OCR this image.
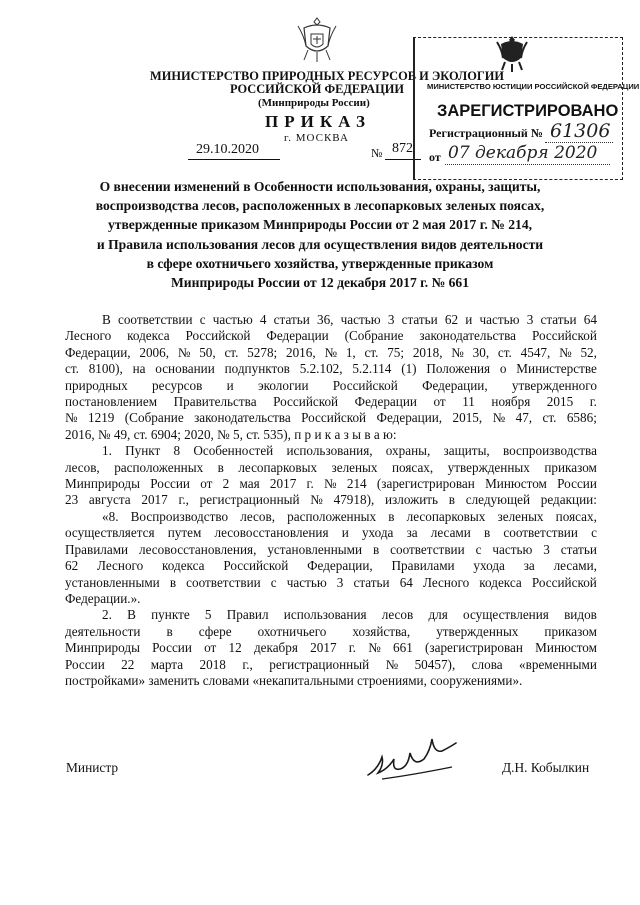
МИНИСТЕРСТВО ПРИРОДНЫХ РЕСУРСОВ И ЭКОЛОГИИ
РОССИЙСКОЙ ФЕДЕРАЦИИ
(Минприроды России)
ПРИКАЗ
г. МОСКВА
29.10.2020	№ 872
МИНИСТЕРСТВО ЮСТИЦИИ РОССИЙСКОЙ ФЕДЕРАЦИИ
ЗАРЕГИСТРИРОВАНО
Регистрационный № 61306
от 07 декабря 2020
О внесении изменений в Особенности использования, охраны, защиты,
воспроизводства лесов, расположенных в лесопарковых зеленых поясах,
утвержденные приказом Минприроды России от 2 мая 2017 г. № 214,
и Правила использования лесов для осуществления видов деятельности
в сфере охотничьего хозяйства, утвержденные приказом
Минприроды России от 12 декабря 2017 г. № 661
В соответствии с частью 4 статьи 36, частью 3 статьи 62 и частью 3 статьи 64
Лесного кодекса Российской Федерации (Собрание законодательства Российской
Федерации, 2006, № 50, ст. 5278; 2016, № 1, ст. 75; 2018, № 30, ст. 4547, № 52,
ст. 8100), на основании подпунктов 5.2.102, 5.2.114 (1) Положения о Министерстве
природных ресурсов и экологии Российской Федерации, утвержденного
постановлением Правительства Российской Федерации от 11 ноября 2015 г.
№ 1219 (Собрание законодательства Российской Федерации, 2015, № 47, ст. 6586;
2016, № 49, ст. 6904; 2020, № 5, ст. 535), п р и к а з ы в а ю:
1. Пункт 8 Особенностей использования, охраны, защиты, воспроизводства
лесов, расположенных в лесопарковых зеленых поясах, утвержденных приказом
Минприроды России от 2 мая 2017 г. № 214 (зарегистрирован Минюстом России
23 августа 2017 г., регистрационный № 47918), изложить в следующей редакции:
«8. Воспроизводство лесов, расположенных в лесопарковых зеленых поясах,
осуществляется путем лесовосстановления и ухода за лесами в соответствии с
Правилами лесовосстановления, установленными в соответствии с частью 3 статьи
62 Лесного кодекса Российской Федерации, Правилами ухода за лесами,
установленными в соответствии с частью 3 статьи 64 Лесного кодекса Российской
Федерации.».
2. В пункте 5 Правил использования лесов для осуществления видов
деятельности в сфере охотничьего хозяйства, утвержденных приказом
Минприроды России от 12 декабря 2017 г. № 661 (зарегистрирован Минюстом
России 22 марта 2018 г., регистрационный № 50457), слова «временными
постройками» заменить словами «некапитальными строениями, сооружениями».
Министр	Д.Н. Кобылкин
